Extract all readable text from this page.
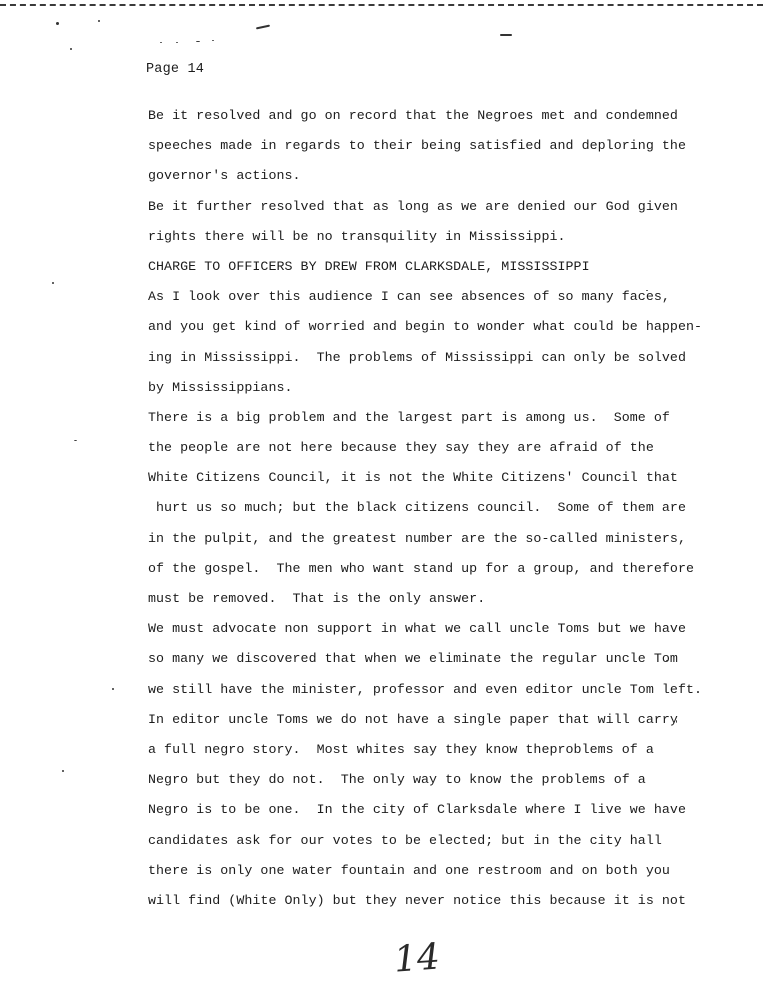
Page 14
Be it resolved and go on record that the Negroes met and condemned
speeches made in regards to their being satisfied and deploring the
governor's actions.
Be it further resolved that as long as we are denied our God given
rights there will be no transquility in Mississippi.
CHARGE TO OFFICERS BY DREW FROM CLARKSDALE, MISSISSIPPI
As I look over this audience I can see absences of so many faces,
and you get kind of worried and begin to wonder what could be happen-
ing in Mississippi.  The problems of Mississippi can only be solved
by Mississippians.
There is a big problem and the largest part is among us.  Some of
the people are not here because they say they are afraid of the
White Citizens Council, it is not the White Citizens' Council that
hurt us so much; but the black citizens council.  Some of them are
in the pulpit, and the greatest number are the so-called ministers,
of the gospel.  The men who want stand up for a group, and therefore
must be removed.  That is the only answer.
We must advocate non support in what we call uncle Toms but we have
so many we discovered that when we eliminate the regular uncle Tom
we still have the minister, professor and even editor uncle Tom left.
In editor uncle Toms we do not have a single paper that will carry
a full negro story.  Most whites say they know theproblems of a
Negro but they do not.  The only way to know the problems of a
Negro is to be one.  In the city of Clarksdale where I live we have
candidates ask for our votes to be elected; but in the city hall
there is only one water fountain and one restroom and on both you
will find (White Only) but they never notice this because it is not
14
